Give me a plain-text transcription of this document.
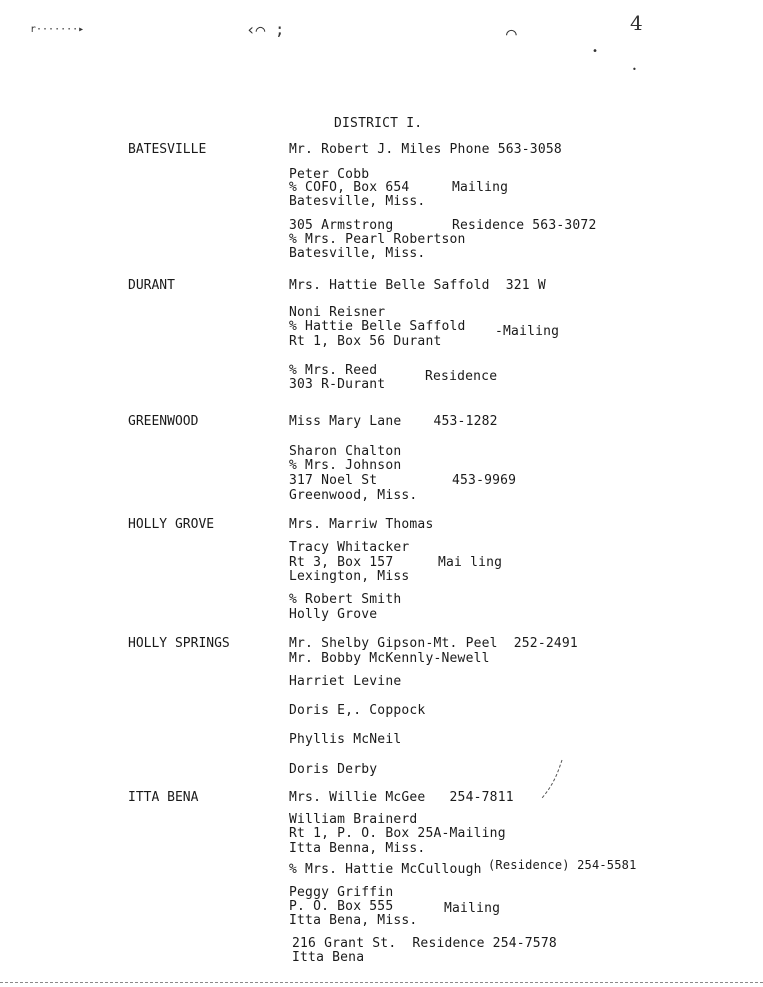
r·······▸	‹⌒ ;	⌒
•
•
4
DISTRICT I.
BATESVILLE	Mr. Robert J. Miles Phone 563-3058
Peter Cobb
% COFO, Box 654	Mailing
Batesville, Miss.
305 Armstrong	Residence 563-3072
% Mrs. Pearl Robertson
Batesville, Miss.
DURANT	Mrs. Hattie Belle Saffold  321 W
Noni Reisner
% Hattie Belle Saffold -Mailing
Rt 1, Box 56 Durant
% Mrs. Reed	Residence
303 R-Durant
GREENWOOD	Miss Mary Lane    453-1282
Sharon Chalton
% Mrs. Johnson
317 Noel St	453-9969
Greenwood, Miss.
HOLLY GROVE	Mrs. Marriw Thomas
Tracy Whitacker
Rt 3, Box 157	Mai ling
Lexington, Miss
% Robert Smith
Holly Grove
HOLLY SPRINGS	Mr. Shelby Gipson-Mt. Peel  252-2491
Mr. Bobby McKennly-Newell
Harriet Levine
Doris E,. Coppock
Phyllis McNeil
Doris Derby
ITTA BENA	Mrs. Willie McGee   254-7811
William Brainerd
Rt 1, P. O. Box 25A-Mailing
Itta Benna, Miss.
% Mrs. Hattie McCullough (Residence) 254-5581
Peggy Griffin
P. O. Box 555	Mailing
Itta Bena, Miss.
216 Grant St.  Residence 254-7578
Itta Bena
